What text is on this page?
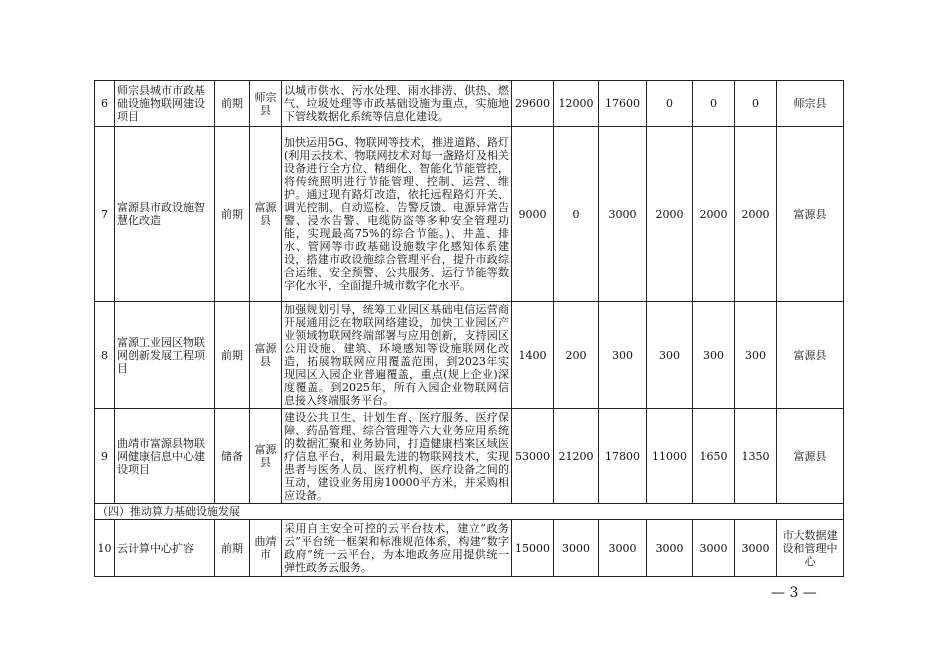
6	师宗县城市市政基础设施物联网建设项目	前期	师宗县	以城市供水、污水处理、雨水排涝、供热、燃气、垃圾处理等市政基础设施为重点，实施地下管线数据化系统等信息化建设。	29600	12000	17600	0	0	0	师宗县
7	富源县市政设施智慧化改造	前期	富源县	加快运用5G、物联网等技术，推进道路、路灯(利用云技术、物联网技术对每一盏路灯及相关设备进行全方位、精细化、智能化节能管控，将传统照明进行节能管理、控制、运营、维护。通过现有路灯改造，依托远程路灯开关、调光控制、自动巡检、告警反馈、电源异常告警、浸水告警、电缆防盗等多种安全管理功能，实现最高75%的综合节能。)、井盖、排水、管网等市政基础设施数字化感知体系建设，搭建市政设施综合管理平台，提升市政综合运维、安全预警、公共服务、运行节能等数字化水平，全面提升城市数字化水平。	9000	0	3000	2000	2000	2000	富源县
8	富源工业园区物联网创新发展工程项目	前期	富源县	加强规划引导，统筹工业园区基础电信运营商开展通用泛在物联网络建设，加快工业园区产业领域物联网终端部署与应用创新，支持园区公用设施、建筑、环境感知等设施联网化改造，拓展物联网应用覆盖范围，到2023年实现园区入园企业普遍覆盖，重点(规上企业)深度覆盖。到2025年，所有入园企业物联网信息接入终端服务平台。	1400	200	300	300	300	300	富源县
9	曲靖市富源县物联网健康信息中心建设项目	储备	富源县	建设公共卫生、计划生育、医疗服务、医疗保障、药品管理、综合管理等六大业务应用系统的数据汇聚和业务协同，打造健康档案区域医疗信息平台，利用最先进的物联网技术，实现患者与医务人员、医疗机构、医疗设备之间的互动，建设业务用房10000平方米，并采购相应设备。	53000	21200	17800	11000	1650	1350	富源县
（四）推动算力基础设施发展											
10	云计算中心扩容	前期	曲靖市	采用自主安全可控的云平台技术，建立“政务云”平台统一框架和标准规范体系，构建“数字政府”统一云平台，为本地政务应用提供统一弹性政务云服务。	15000	3000	3000	3000	3000	3000	市大数据建设和管理中心
— 3 —
